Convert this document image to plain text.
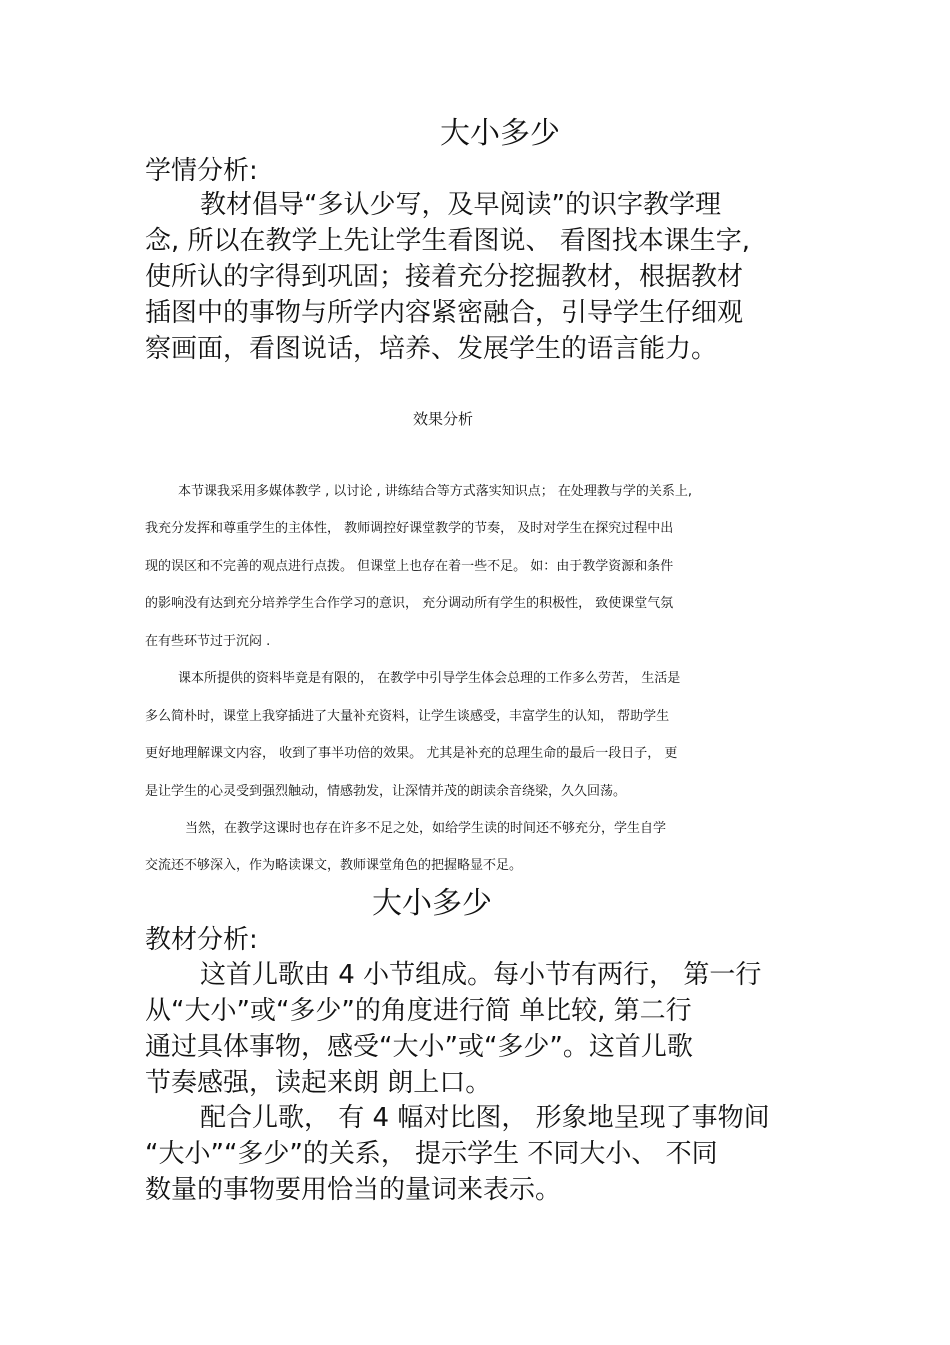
大小多少
学情分析:
教材倡导“多认少写，及早阅读”的识字教学理
念, 所以在教学上先让学生看图说、 看图找本课生字,
使所认的字得到巩固；接着充分挖掘教材，根据教材
插图中的事物与所学内容紧密融合，引导学生仔细观
察画面，看图说话，培养、发展学生的语言能力。
效果分析
本节课我采用多媒体教学 , 以讨论 , 讲练结合等方式落实知识点； 在处理教与学的关系上,
我充分发挥和尊重学生的主体性， 教师调控好课堂教学的节奏， 及时对学生在探究过程中出
现的误区和不完善的观点进行点拨。 但课堂上也存在着一些不足。 如：由于教学资源和条件
的影响没有达到充分培养学生合作学习的意识， 充分调动所有学生的积极性， 致使课堂气氛
在有些环节过于沉闷 .
课本所提供的资料毕竟是有限的， 在教学中引导学生体会总理的工作多么劳苦， 生活是
多么简朴时，课堂上我穿插进了大量补充资料，让学生谈感受，丰富学生的认知， 帮助学生
更好地理解课文内容， 收到了事半功倍的效果。 尤其是补充的总理生命的最后一段日子， 更
是让学生的心灵受到强烈触动，情感勃发，让深情并茂的朗读余音绕梁，久久回荡。
当然，在教学这课时也存在许多不足之处，如给学生读的时间还不够充分，学生自学
交流还不够深入，作为略读课文，教师课堂角色的把握略显不足。
大小多少
教材分析:
这首儿歌由 4 小节组成。每小节有两行， 第一行
从“大小”或“多少”的角度进行简 单比较, 第二行
通过具体事物，感受“大小”或“多少”。这首儿歌
节奏感强，读起来朗 朗上口。
配合儿歌， 有 4 幅对比图， 形象地呈现了事物间
“大小”“多少”的关系， 提示学生 不同大小、 不同
数量的事物要用恰当的量词来表示。
